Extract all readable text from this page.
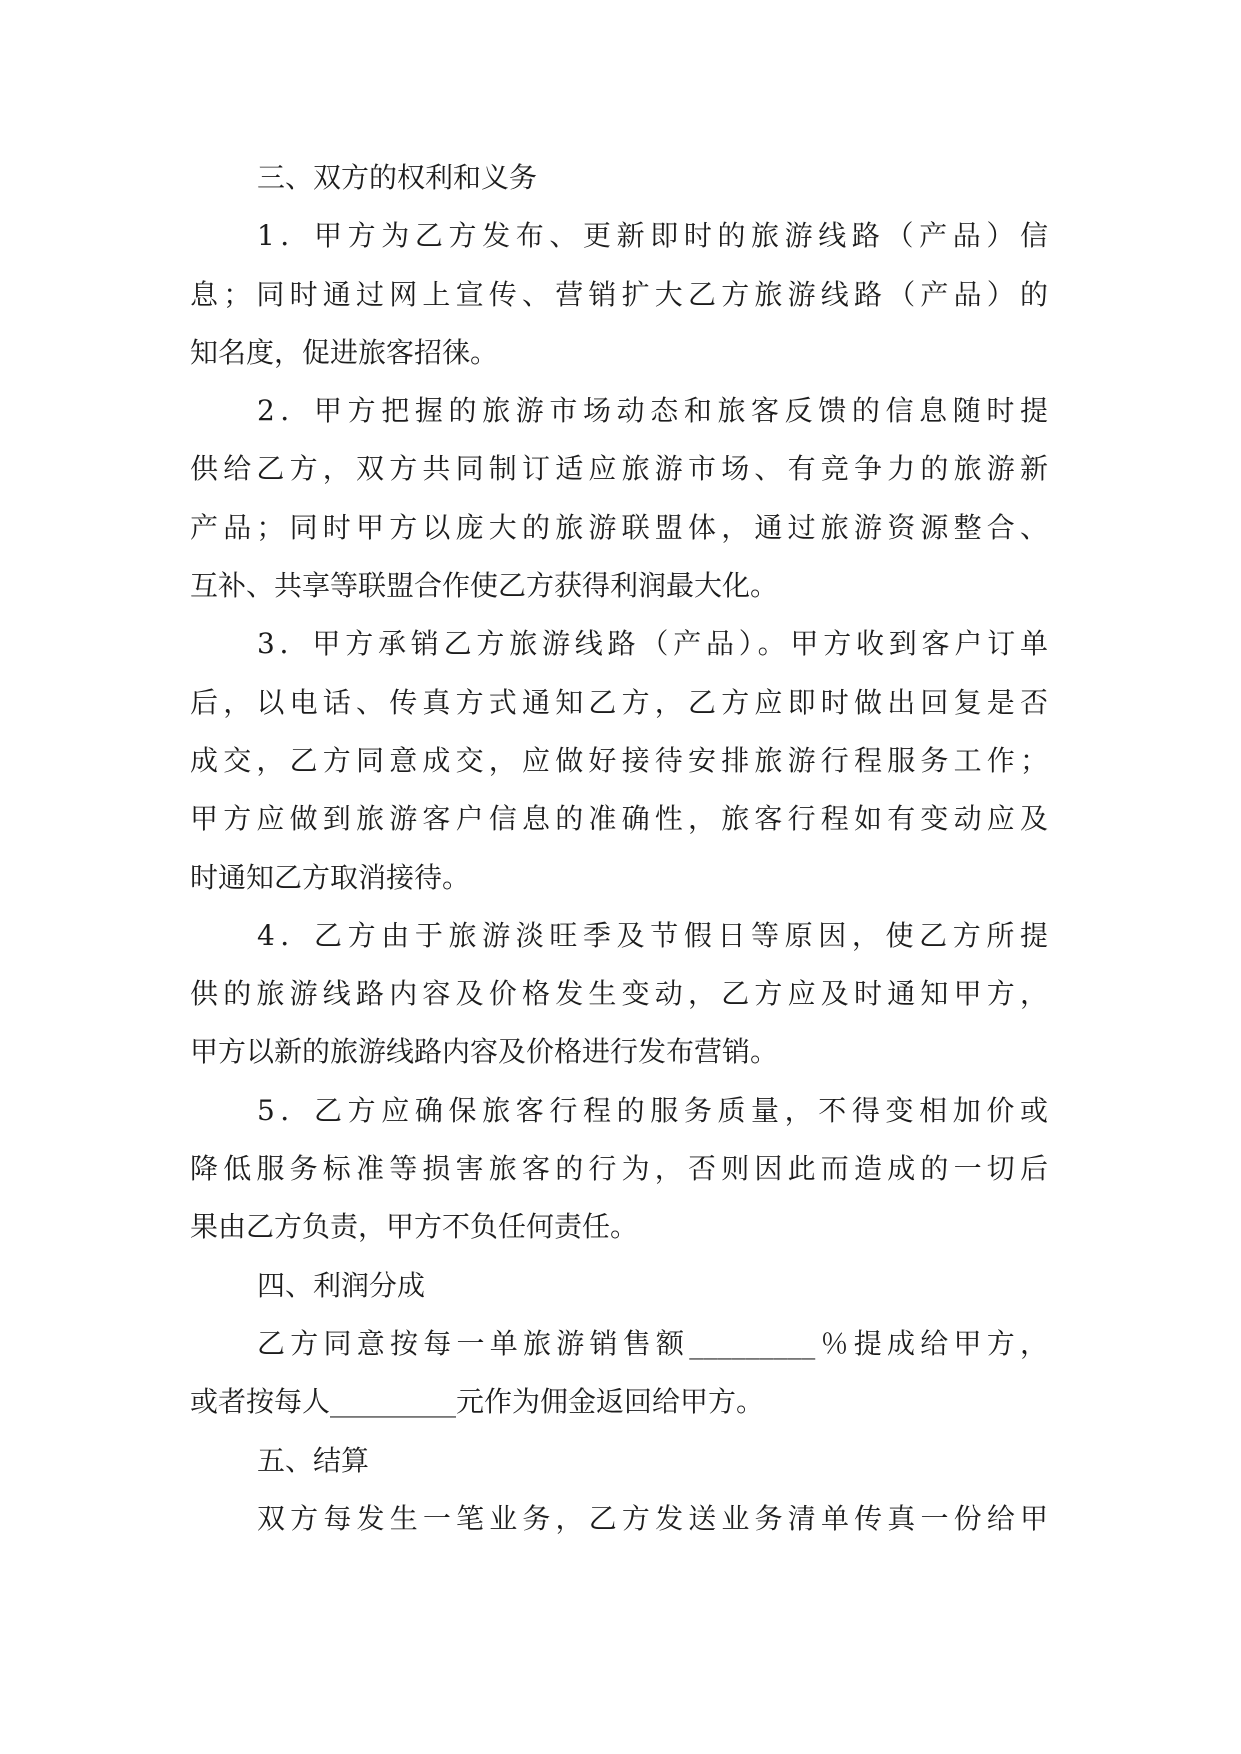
三、双方的权利和义务
1．甲方为乙方发布、更新即时的旅游线路（产品）信
息；同时通过网上宣传、营销扩大乙方旅游线路（产品）的
知名度，促进旅客招徕。
2．甲方把握的旅游市场动态和旅客反馈的信息随时提
供给乙方，双方共同制订适应旅游市场、有竞争力的旅游新
产品；同时甲方以庞大的旅游联盟体，通过旅游资源整合、
互补、共享等联盟合作使乙方获得利润最大化。
3．甲方承销乙方旅游线路（产品）。甲方收到客户订单
后，以电话、传真方式通知乙方，乙方应即时做出回复是否
成交，乙方同意成交，应做好接待安排旅游行程服务工作；
甲方应做到旅游客户信息的准确性，旅客行程如有变动应及
时通知乙方取消接待。
4．乙方由于旅游淡旺季及节假日等原因，使乙方所提
供的旅游线路内容及价格发生变动，乙方应及时通知甲方，
甲方以新的旅游线路内容及价格进行发布营销。
5．乙方应确保旅客行程的服务质量，不得变相加价或
降低服务标准等损害旅客的行为，否则因此而造成的一切后
果由乙方负责，甲方不负任何责任。
四、利润分成
乙方同意按每一单旅游销售额_________％提成给甲方，
或者按每人_________元作为佣金返回给甲方。
五、结算
双方每发生一笔业务，乙方发送业务清单传真一份给甲
